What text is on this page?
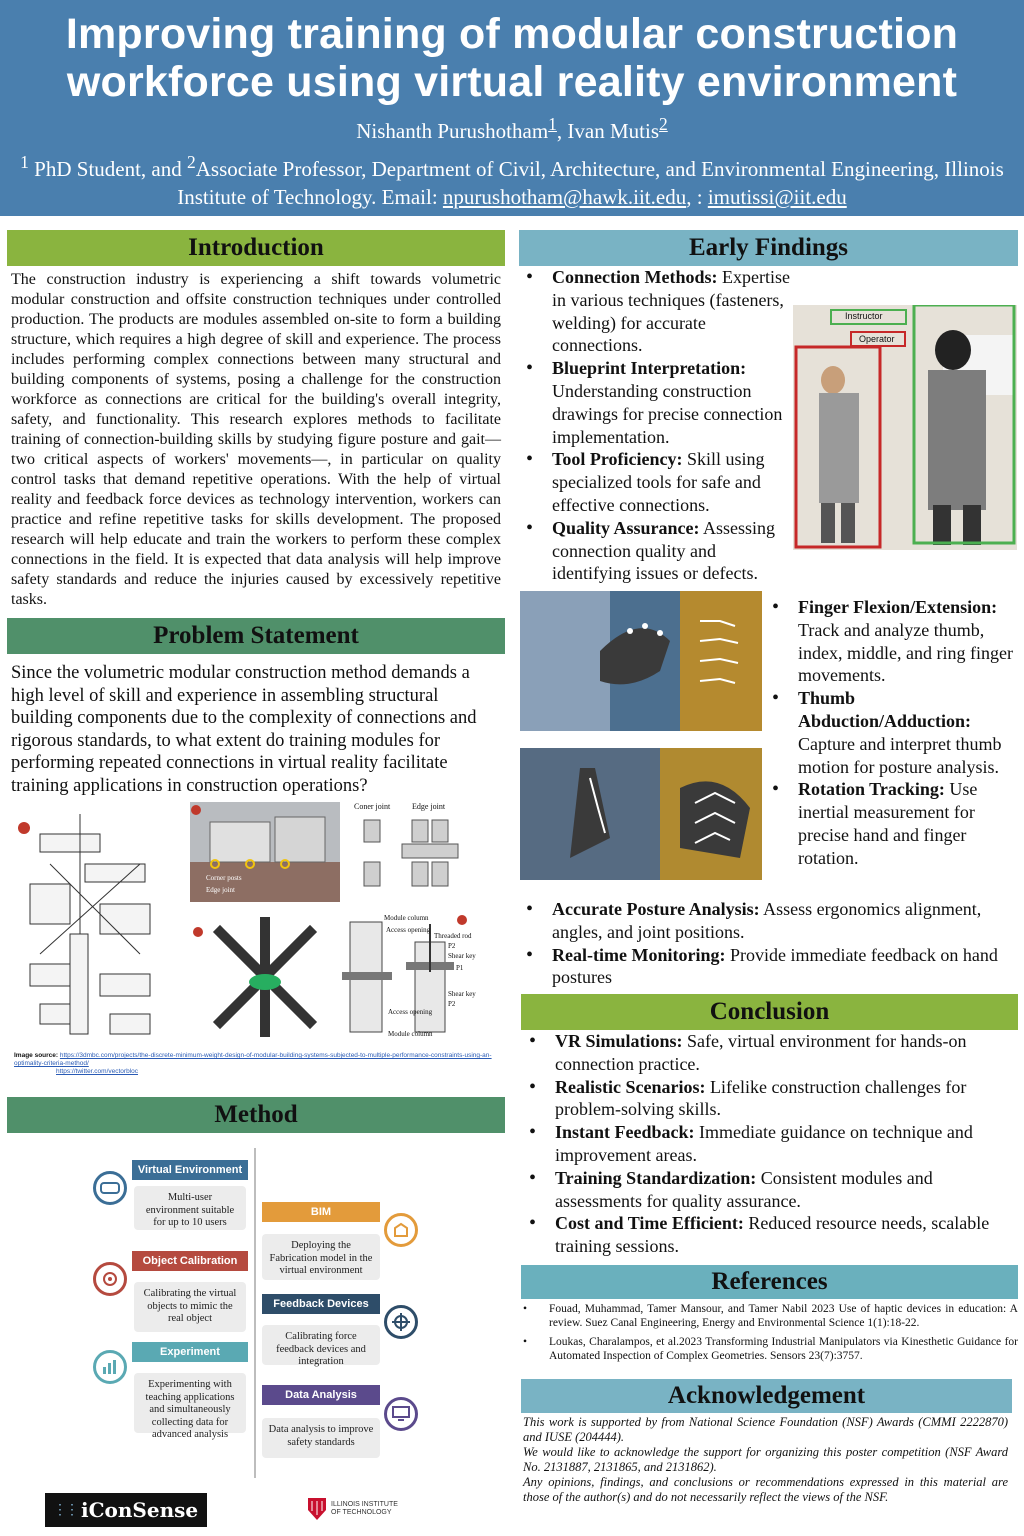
Improving training of modular construction workforce using virtual reality environment
Nishanth Purushotham$^1$, Ivan Mutis$^2$
$^1$ PhD Student, and $^2$Associate Professor, Department of Civil, Architecture, and Environmental Engineering, Illinois Institute of Technology. Email: npurushotham@hawk.iit.edu, : imutissi@iit.edu
Introduction
The construction industry is experiencing a shift towards volumetric modular construction and offsite construction techniques under controlled production. The products are modules assembled on-site to form a building structure, which requires a high degree of skill and experience. The process includes performing complex connections between many structural and building components of systems, posing a challenge for the construction workforce as connections are critical for the building's overall integrity, safety, and functionality. This research explores methods to facilitate training of connection-building skills by studying figure posture and gait—two critical aspects of workers' movements—, in particular on quality control tasks that demand repetitive operations. With the help of virtual reality and feedback force devices as technology intervention, workers can practice and refine repetitive tasks for skills development. The proposed research will help educate and train the workers to perform these complex connections in the field. It is expected that data analysis will help improve safety standards and reduce the injuries caused by excessively repetitive tasks.
Problem Statement
Since the volumetric modular construction method demands a high level of skill and experience in assembling structural building components due to the complexity of connections and rigorous standards, to what extent do training modules for performing repeated connections in virtual reality facilitate training applications in construction operations?
Corner posts
Edge joint
Coner joint	Edge joint
Module column
Access opening
Threaded rod
P2
Shear key
P1
Shear key
P2
Access opening
Module column
Image source: https://3dmbc.com/projects/the-discrete-minimum-weight-design-of-modular-building-systems-subjected-to-multiple-performance-constraints-using-an-optimality-criteria-method/
https://twitter.com/vectorbloc
Method
Virtual Environment
Multi-user environment suitable for up to 10 users
BIM
Deploying the Fabrication model in the virtual environment
Object Calibration
Calibrating the virtual objects to mimic the real object
Feedback Devices
Calibrating force feedback devices and integration
Experiment
Experimenting with teaching applications and simultaneously collecting data for advanced analysis
Data Analysis
Data analysis to improve safety standards
⋮⋮ iConSense	ILLINOIS INSTITUTE
OF TECHNOLOGY
Early Findings
• Connection Methods: Expertise in various techniques (fasteners, welding) for accurate connections.
• Blueprint Interpretation: Understanding construction drawings for precise connection implementation.
• Tool Proficiency: Skill using specialized tools for safe and effective connections.
• Quality Assurance: Assessing connection quality and identifying issues or defects.
Instructor
Operator
• Finger Flexion/Extension: Track and analyze thumb, index, middle, and ring finger movements.
• Thumb Abduction/Adduction: Capture and interpret thumb motion for posture analysis.
• Rotation Tracking: Use inertial measurement for precise hand and finger rotation.
• Accurate Posture Analysis: Assess ergonomics alignment, angles, and joint positions.
• Real-time Monitoring: Provide immediate feedback on hand postures
Conclusion
• VR Simulations: Safe, virtual environment for hands-on connection practice.
• Realistic Scenarios: Lifelike construction challenges for problem-solving skills.
• Instant Feedback: Immediate guidance on technique and improvement areas.
• Training Standardization: Consistent modules and assessments for quality assurance.
• Cost and Time Efficient: Reduced resource needs, scalable training sessions.
References
• Fouad, Muhammad, Tamer Mansour, and Tamer Nabil 2023 Use of haptic devices in education: A review. Suez Canal Engineering, Energy and Environmental Science 1(1):18-22.
• Loukas, Charalampos, et al.2023 Transforming Industrial Manipulators via Kinesthetic Guidance for Automated Inspection of Complex Geometries. Sensors 23(7):3757.
Acknowledgement
This work is supported by from National Science Foundation (NSF) Awards (CMMI 2222870) and IUSE (204444).
We would like to acknowledge the support for organizing this poster competition (NSF Award No. 2131887, 2131865, and 2131862).
Any opinions, findings, and conclusions or recommendations expressed in this material are those of the author(s) and do not necessarily reflect the views of the NSF.
